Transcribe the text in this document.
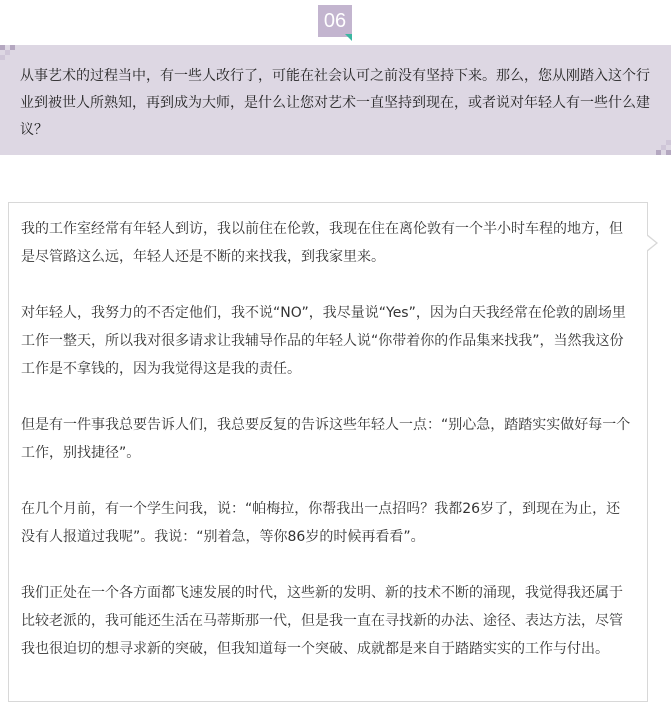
06

从事艺术的过程当中，有一些人改行了，可能在社会认可之前没有坚持下来。那么，您从刚踏入这个行业到被世人所熟知，再到成为大师，是什么让您对艺术一直坚持到现在，或者说对年轻人有一些什么建议？

我的工作室经常有年轻人到访，我以前住在伦敦，我现在住在离伦敦有一个半小时车程的地方，但是尽管路这么远，年轻人还是不断的来找我，到我家里来。

对年轻人，我努力的不否定他们，我不说“NO”，我尽量说“Yes”，因为白天我经常在伦敦的剧场里工作一整天，所以我对很多请求让我辅导作品的年轻人说“你带着你的作品集来找我”，当然我这份工作是不拿钱的，因为我觉得这是我的责任。

但是有一件事我总要告诉人们，我总要反复的告诉这些年轻人一点：“别心急，踏踏实实做好每一个工作，别找捷径”。

在几个月前，有一个学生问我，说：“帕梅拉，你帮我出一点招吗？我都26岁了，到现在为止，还没有人报道过我呢”。我说：“别着急，等你86岁的时候再看看”。

我们正处在一个各方面都飞速发展的时代，这些新的发明、新的技术不断的涌现，我觉得我还属于比较老派的，我可能还生活在马蒂斯那一代，但是我一直在寻找新的办法、途径、表达方法，尽管我也很迫切的想寻求新的突破，但我知道每一个突破、成就都是来自于踏踏实实的工作与付出。
